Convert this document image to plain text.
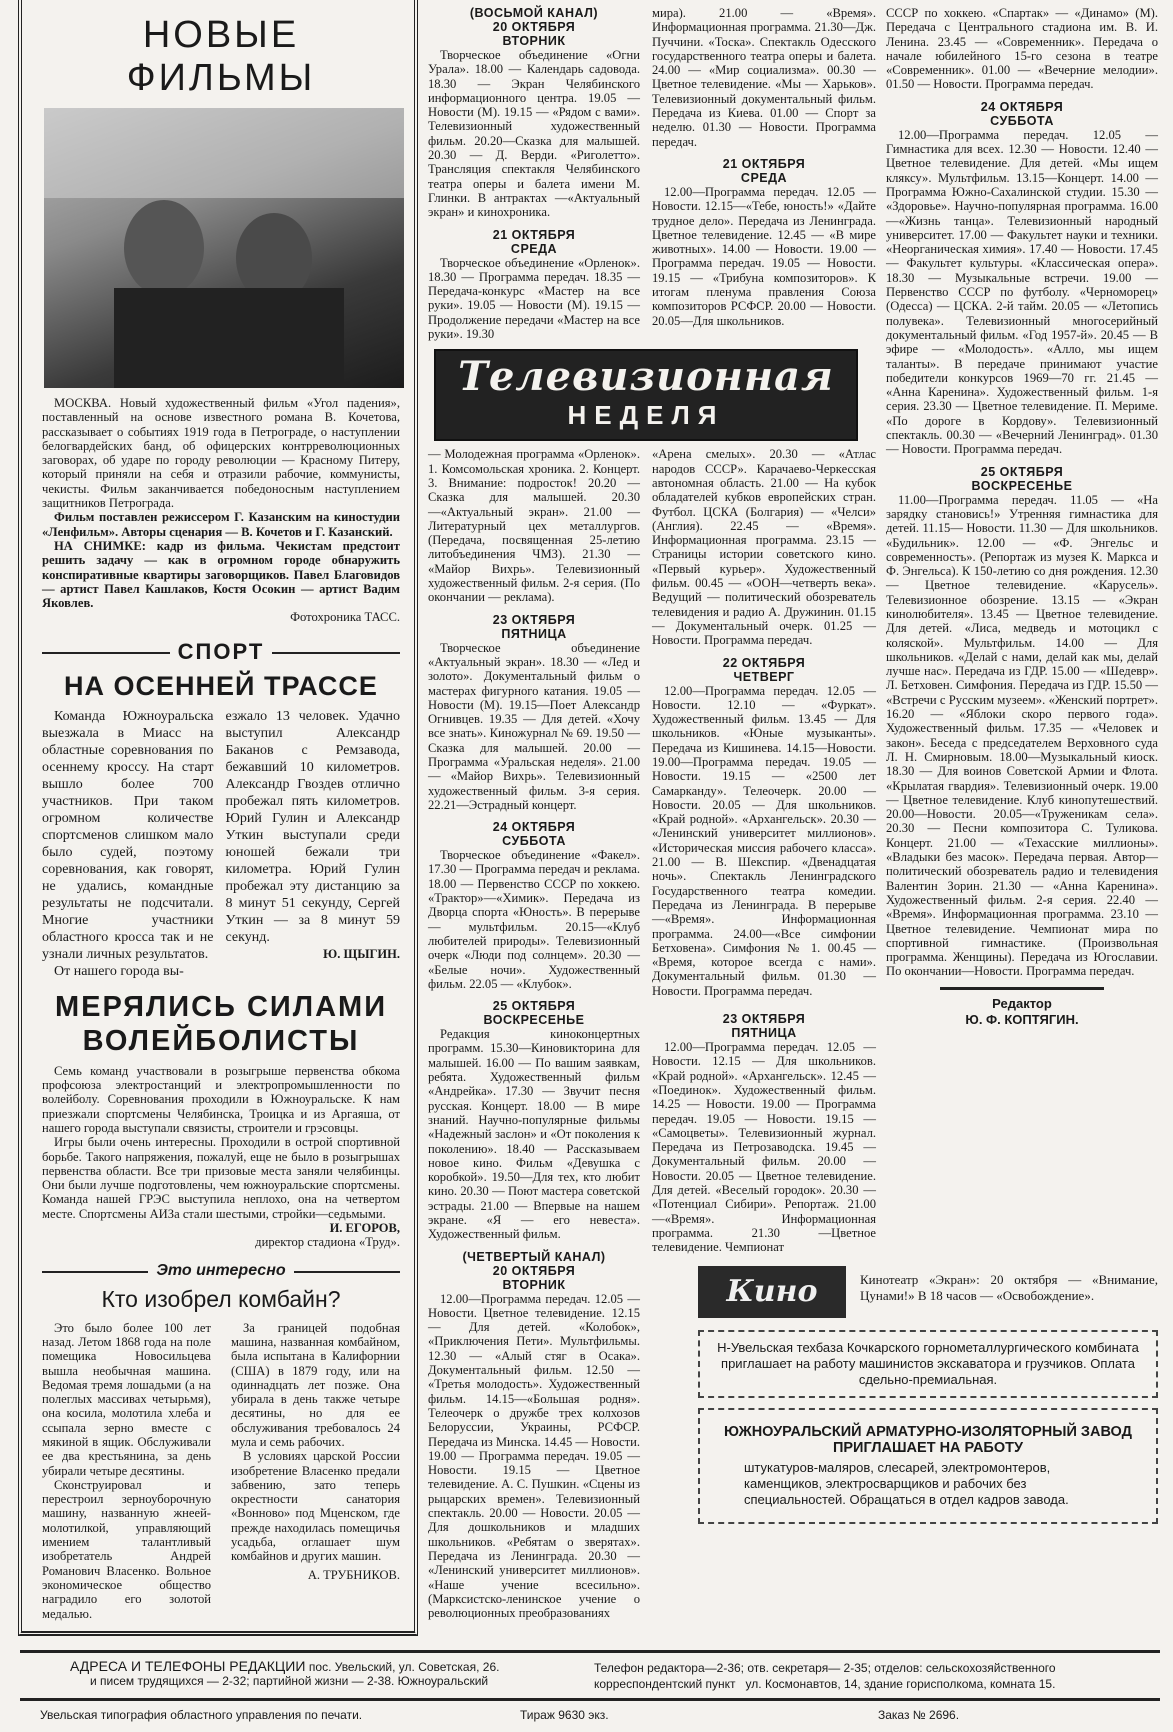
НОВЫЕ ФИЛЬМЫ

МОСКВА. Новый художественный фильм «Угол падения», поставленный на основе известного романа В. Кочетова, рассказывает о событиях 1919 года в Петрограде, о наступлении белогвардейских банд, об офицерских контрреволюционных заговорах, об ударе по городу революции — Красному Питеру, который приняли на себя и отразили рабочие, коммунисты, чекисты. Фильм заканчивается победоносным наступлением защитников Петрограда.

Фильм поставлен режиссером Г. Казанским на киностудии «Ленфильм». Авторы сценария — В. Кочетов и Г. Казанский.

НА СНИМКЕ: кадр из фильма. Чекистам предстоит решить задачу — как в огромном городе обнаружить конспиративные квартиры заговорщиков. Павел Благовидов — артист Павел Кашлаков, Костя Осокин — артист Вадим Яковлев.

Фотохроника ТАСС.
СПОРТ
НА ОСЕННЕЙ ТРАССЕ

Команда Южноуральска выезжала в Миасс на областные соревнования по осеннему кроссу. На старт вышло более 700 участников. При таком огромном количестве спортсменов слишком мало было судей, поэтому соревнования, как говорят, не удались, командные результаты не подсчитали. Многие участники областного кросса так и не узнали личных результатов.

От нашего города вы-

езжало 13 человек. Удачно выступил Александр Баканов с Ремзавода, бежавший 10 километров. Александр Гвоздев отлично пробежал пять километров. Юрий Гулин и Александр Уткин выступали среди юношей бежали три километра. Юрий Гулин пробежал эту дистанцию за 8 минут 51 секунду, Сергей Уткин — за 8 минут 59 секунд.

Ю. ЩЫГИН.
МЕРЯЛИСЬ СИЛАМИ
ВОЛЕЙБОЛИСТЫ

Семь команд участвовали в розыгрыше первенства обкома профсоюза электростанций и электропромышленности по волейболу. Соревнования проходили в Южноуральске. К нам приезжали спортсмены Челябинска, Троицка и из Аргаяша, от нашего города выступали связисты, строители и грэсовцы.

Игры были очень интересны. Проходили в острой спортивной борьбе. Такого напряжения, пожалуй, еще не было в розыгрышах первенства области. Все три призовые места заняли челябинцы. Они были лучше подготовлены, чем южноуральские спортсмены. Команда нашей ГРЭС выступила неплохо, она на четвертом месте. Спортсмены АИЗа стали шестыми, стройки—седьмыми.

И. ЕГОРОВ,
директор стадиона «Труд».
Это интересно
Кто изобрел комбайн?

Это было более 100 лет назад. Летом 1868 года на поле помещика Новосильцева вышла необычная машина. Ведомая тремя лошадьми (а на полеглых массивах четырьмя), она косила, молотила хлеба и ссыпала зерно вместе с мякиной в ящик. Обслуживали ее два крестьянина, за день убирали четыре десятины.

Сконструировал и перестроил зерноуборочную машину, названную жнеей-молотилкой, управляющий имением талантливый изобретатель Андрей Романович Власенко. Вольное экономическое общество наградило его золотой медалью.

За границей подобная машина, названная комбайном, была испытана в Калифорнии (США) в 1879 году, или на одиннадцать лет позже. Она убирала в день также четыре десятины, но для ее обслуживания требовалось 24 мула и семь рабочих.

В условиях царской России изобретение Власенко предали забвению, зато теперь окрестности санатория «Вонново» под Мценском, где прежде находилась помещичья усадьба, оглашает шум комбайнов и других машин.

А. ТРУБНИКОВ.
(ВОСЬМОЙ КАНАЛ)
20 ОКТЯБРЯ
ВТОРНИК

Творческое объединение «Огни Урала». 18.00 — Календарь садовода. 18.30 — Экран Челябинского информационного центра. 19.05 — Новости (М). 19.15 — «Рядом с вами». Телевизионный художественный фильм. 20.20—Сказка для малышей. 20.30 — Д. Верди. «Риголетто». Трансляция спектакля Челябинского театра оперы и балета имени М. Глинки. В антрактах —«Актуальный экран» и кинохроника.

21 ОКТЯБРЯ
СРЕДА

Творческое объединение «Орленок». 18.30 — Программа передач. 18.35 — Передача-конкурс «Мастер на все руки». 19.05 — Новости (М). 19.15 — Продолжение передачи «Мастер на все руки». 19.30

мира). 21.00 — «Время». Информационная программа. 21.30—Дж. Пуччини. «Тоска». Спектакль Одесского государственного театра оперы и балета. 24.00 — «Мир социализма». 00.30 — Цветное телевидение. «Мы — Харьков». Телевизионный документальный фильм. Передача из Киева. 01.00 — Спорт за неделю. 01.30 — Новости. Программа передач.

21 ОКТЯБРЯ
СРЕДА

12.00—Программа передач. 12.05 —Новости. 12.15—«Тебе, юность!» «Дайте трудное дело». Передача из Ленинграда. Цветное телевидение. 12.45 — «В мире животных». 14.00 — Новости. 19.00 — Программа передач. 19.05 — Новости. 19.15 — «Трибуна композиторов». К итогам пленума правления Союза композиторов РСФСР. 20.00 — Новости. 20.05—Для школьников.

Телевизионная
НЕДЕЛЯ

— Молодежная программа «Орленок». 1. Комсомольская хроника. 2. Концерт. 3. Внимание: подросток! 20.20 — Сказка для малышей. 20.30—«Актуальный экран». 21.00 — Литературный цех металлургов. (Передача, посвященная 25-летию литобъединения ЧМЗ). 21.30 — «Майор Вихрь». Телевизионный художественный фильм. 2-я серия. (По окончании — реклама).

23 ОКТЯБРЯ
ПЯТНИЦА

Творческое объединение «Актуальный экран». 18.30 — «Лед и золото». Документальный фильм о мастерах фигурного катания. 19.05 —Новости (М). 19.15—Поет Александр Огнивцев. 19.35 — Для детей. «Хочу все знать». Киножурнал № 69. 19.50 — Сказка для малышей. 20.00 — Программа «Уральская неделя». 21.00 — «Майор Вихрь». Телевизионный художественный фильм. 3-я серия. 22.21—Эстрадный концерт.

24 ОКТЯБРЯ
СУББОТА

Творческое объединение «Факел». 17.30 — Программа передач и реклама. 18.00 — Первенство СССР по хоккею. «Трактор»—«Химик». Передача из Дворца спорта «Юность». В перерыве — мультфильм. 20.15—«Клуб любителей природы». Телевизионный очерк «Люди под солнцем». 20.30 — «Белые ночи». Художественный фильм. 22.05 — «Клубок».

25 ОКТЯБРЯ
ВОСКРЕСЕНЬЕ

Редакция киноконцертных программ. 15.30—Киновикторина для малышей. 16.00 — По вашим заявкам, ребята. Художественный фильм «Андрейка». 17.30 — Звучит песня русская. Концерт. 18.00 — В мире знаний. Научно-популярные фильмы «Надежный заслон» и «От поколения к поколению». 18.40 — Рассказываем новое кино. Фильм «Девушка с коробкой». 19.50—Для тех, кто любит кино. 20.30 — Поют мастера советской эстрады. 21.00 — Впервые на нашем экране. «Я — его невеста». Художественный фильм.

(ЧЕТВЕРТЫЙ КАНАЛ)
20 ОКТЯБРЯ
ВТОРНИК

12.00—Программа передач. 12.05 — Новости. Цветное телевидение. 12.15 — Для детей. «Колобок», «Приключения Пети». Мультфильмы. 12.30 — «Алый стяг в Осака». Документальный фильм. 12.50 — «Третья молодость». Художественный фильм. 14.15—«Большая родня». Телеочерк о дружбе трех колхозов Белоруссии, Украины, РСФСР. Передача из Минска. 14.45 — Новости. 19.00 — Программа передач. 19.05 — Новости. 19.15 — Цветное телевидение. А. С. Пушкин. «Сцены из рыцарских времен». Телевизионный спектакль. 20.00 — Новости. 20.05 — Для дошкольников и младших школьников. «Ребятам о зверятах». Передача из Ленинграда. 20.30 — «Ленинский университет миллионов». «Наше учение всесильно». (Марксистско-ленинское учение о революционных преобразованиях

«Арена смелых». 20.30 — «Атлас народов СССР». Карачаево-Черкесская автономная область. 21.00 — На кубок обладателей кубков европейских стран. Футбол. ЦСКА (Болгария) — «Челси» (Англия). 22.45 — «Время». Информационная программа. 23.15 — Страницы истории советского кино. «Первый курьер». Художественный фильм. 00.45 — «ООН—четверть века». Ведущий — политический обозреватель телевидения и радио А. Дружинин. 01.15 — Документальный очерк. 01.25 — Новости. Программа передач.

22 ОКТЯБРЯ
ЧЕТВЕРГ

12.00—Программа передач. 12.05 — Новости. 12.10 — «Фуркат». Художественный фильм. 13.45 — Для школьников. «Юные музыканты». Передача из Кишинева. 14.15—Новости. 19.00—Программа передач. 19.05 — Новости. 19.15 — «2500 лет Самарканду». Телеочерк. 20.00 — Новости. 20.05 — Для школьников. «Край родной». «Архангельск». 20.30 — «Ленинский университет миллионов». «Историческая миссия рабочего класса». 21.00 — В. Шекспир. «Двенадцатая ночь». Спектакль Ленинградского Государственного театра комедии. Передача из Ленинграда. В перерыве —«Время». Информационная программа. 24.00—«Все симфонии Бетховена». Симфония № 1. 00.45 — «Время, которое всегда с нами». Документальный фильм. 01.30 — Новости. Программа передач.

23 ОКТЯБРЯ
ПЯТНИЦА

12.00—Программа передач. 12.05 — Новости. 12.15 — Для школьников. «Край родной». «Архангельск». 12.45 — «Поединок». Художественный фильм. 14.25 — Новости. 19.00 — Программа передач. 19.05 — Новости. 19.15 — «Самоцветы». Телевизионный журнал. Передача из Петрозаводска. 19.45 — Документальный фильм. 20.00 —Новости. 20.05 — Цветное телевидение. Для детей. «Веселый городок». 20.30 — «Потенциал Сибири». Репортаж. 21.00—«Время». Информационная программа. 21.30 —Цветное телевидение. Чемпионат

СССР по хоккею. «Спартак» — «Динамо» (М). Передача с Центрального стадиона им. В. И. Ленина. 23.45 — «Современник». Передача о начале юбилейного 15-го сезона в театре «Современник». 01.00 — «Вечерние мелодии». 01.50 — Новости. Программа передач.

24 ОКТЯБРЯ
СУББОТА

12.00—Программа передач. 12.05 — Гимнастика для всех. 12.30 — Новости. 12.40 — Цветное телевидение. Для детей. «Мы ищем кляксу». Мультфильм. 13.15—Концерт. 14.00 — Программа Южно-Сахалинской студии. 15.30 — «Здоровье». Научно-популярная программа. 16.00—«Жизнь танца». Телевизионный народный университет. 17.00 — Факультет науки и техники. «Неорганическая химия». 17.40 — Новости. 17.45 — Факультет культуры. «Классическая опера». 18.30 — Музыкальные встречи. 19.00 — Первенство СССР по футболу. «Черноморец» (Одесса) — ЦСКА. 2-й тайм. 20.05 — «Летопись полувека». Телевизионный многосерийный документальный фильм. «Год 1957-й». 20.45 — В эфире — «Молодость». «Алло, мы ищем таланты». В передаче принимают участие победители конкурсов 1969—70 гг. 21.45 — «Анна Каренина». Художественный фильм. 1-я серия. 23.30 — Цветное телевидение. П. Мериме. «По дороге в Кордову». Телевизионный спектакль. 00.30 — «Вечерний Ленинград». 01.30 — Новости. Программа передач.

25 ОКТЯБРЯ
ВОСКРЕСЕНЬЕ

11.00—Программа передач. 11.05 — «На зарядку становись!» Утренняя гимнастика для детей. 11.15— Новости. 11.30 — Для школьников. «Будильник». 12.00 — «Ф. Энгельс и современность». (Репортаж из музея К. Маркса и Ф. Энгельса). К 150-летию со дня рождения. 12.30 — Цветное телевидение. «Карусель». Телевизионное обозрение. 13.15 — «Экран кинолюбителя». 13.45 — Цветное телевидение. Для детей. «Лиса, медведь и мотоцикл с коляской». Мультфильм. 14.00 — Для школьников. «Делай с нами, делай как мы, делай лучше нас». Передача из ГДР. 15.00 — «Шедевр». Л. Бетховен. Симфония. Передача из ГДР. 15.50 — «Встречи с Русским музеем». «Женский портрет». 16.20 — «Яблоки скоро первого года». Художественный фильм. 17.35 — «Человек и закон». Беседа с председателем Верховного суда Л. Н. Смирновым. 18.00—Музыкальный киоск. 18.30 — Для воинов Советской Армии и Флота. «Крылатая гвардия». Телевизионный очерк. 19.00 — Цветное телевидение. Клуб кинопутешествий. 20.00—Новости. 20.05—«Труженикам села». 20.30 — Песни композитора С. Туликова. Концерт. 21.00 — «Техасские миллионы». «Владыки без масок». Передача первая. Автор—политический обозреватель радио и телевидения Валентин Зорин. 21.30 — «Анна Каренина». Художественный фильм. 2-я серия. 22.40 — «Время». Информационная программа. 23.10 — Цветное телевидение. Чемпионат мира по спортивной гимнастике. (Произвольная программа. Женщины). Передача из Югославии. По окончании—Новости. Программа передач.

Редактор
Ю. Ф. КОПТЯГИН.
Кино	Кинотеатр «Экран»: 20 октября — «Внимание, Цунами!» В 18 часов — «Освобождение».
Н-Увельская техбаза Кочкарского горнометаллургического комбината приглашает на работу машинистов экскаватора и грузчиков. Оплата сдельно-премиальная.
ЮЖНОУРАЛЬСКИЙ АРМАТУРНО-ИЗОЛЯТОРНЫЙ ЗАВОД
ПРИГЛАШАЕТ НА РАБОТУ
штукатуров-маляров, слесарей, электромонтеров, каменщиков, электросварщиков и рабочих без специальностей. Обращаться в отдел кадров завода.
АДРЕСА И ТЕЛЕФОНЫ РЕДАКЦИИ пос. Увельский, ул. Советская, 26.
и писем трудящихся — 2-32; партийной жизни — 2-38. Южноуральский
Телефон редактора—2-36; отв. секретаря— 2-35; отделов: сельскохозяйственного
корреспондентский пункт   ул. Космонавтов, 14, здание горисполкома, комната 15.
Увельская типография областного управления по печати.	Тираж 9630 экз.	Заказ № 2696.
